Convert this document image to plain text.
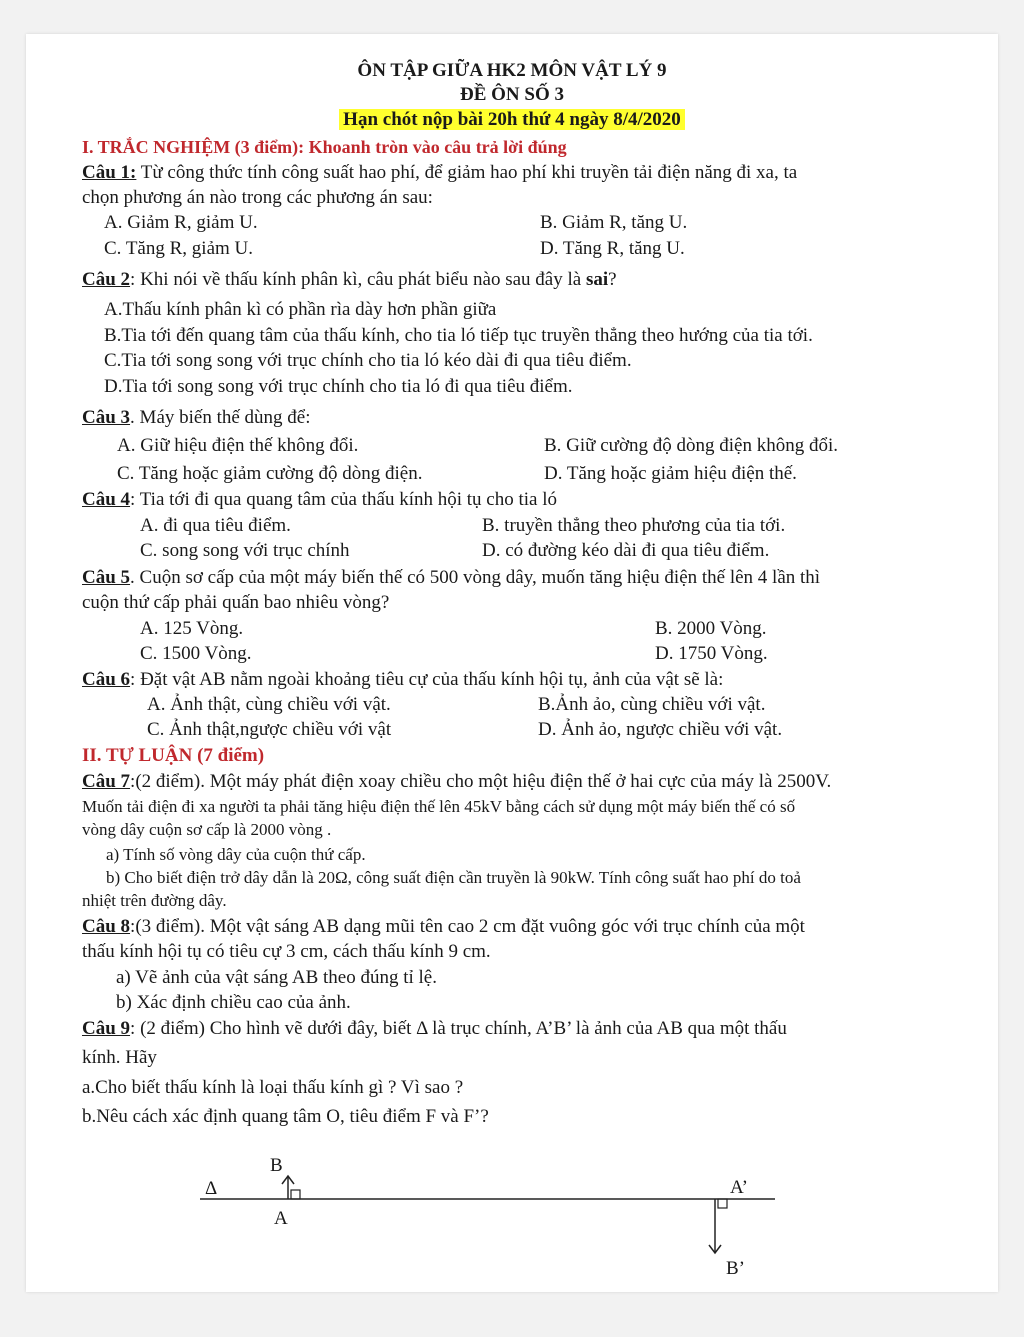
ÔN TẬP GIỮA HK2 MÔN VẬT LÝ 9
ĐỀ ÔN SỐ 3
Hạn chót nộp bài 20h thứ 4 ngày 8/4/2020
I. TRẮC NGHIỆM (3 điểm): Khoanh tròn vào câu trả lời đúng
Câu 1: Từ công thức tính công suất hao phí, để giảm hao phí khi truyền tải điện năng đi xa, ta
chọn phương án nào trong các phương án sau:
A. Giảm R, giảm U.	B. Giảm R, tăng U.
C. Tăng R, giảm U.	D. Tăng R, tăng U.
Câu 2: Khi nói về thấu kính phân kì, câu phát biểu nào sau đây là sai?
A.Thấu kính phân kì có phần rìa dày hơn phần giữa
B.Tia tới đến quang tâm của thấu kính, cho tia ló tiếp tục truyền thẳng theo hướng của tia tới.
C.Tia tới song song với trục chính cho tia ló kéo dài đi qua tiêu điểm.
D.Tia tới song song với trục chính cho tia ló đi qua tiêu điểm.
Câu 3. Máy biến thế dùng để:
A. Giữ hiệu điện thế không đổi.	B. Giữ cường độ dòng điện không đổi.
C. Tăng hoặc giảm cường độ dòng điện.	D. Tăng hoặc giảm hiệu điện thế.
Câu 4: Tia tới đi qua quang tâm của thấu kính hội tụ cho tia ló
A. đi qua tiêu điểm.	B. truyền thẳng theo phương của tia tới.
C. song song với trục chính	D. có đường kéo dài đi qua tiêu điểm.
Câu 5. Cuộn sơ cấp của một máy biến thế có 500 vòng dây, muốn tăng hiệu điện thế lên 4 lần thì
cuộn thứ cấp phải quấn bao nhiêu vòng?
A. 125 Vòng.	B. 2000 Vòng.
C. 1500 Vòng.	D. 1750 Vòng.
Câu 6: Đặt vật AB nằm ngoài khoảng tiêu cự của thấu kính hội tụ, ảnh của vật sẽ là:
A. Ảnh thật, cùng chiều với vật.	B.Ảnh ảo, cùng chiều với vật.
C. Ảnh thật,ngược chiều với vật	D. Ảnh ảo, ngược chiều với vật.
II. TỰ LUẬN (7 điểm)
Câu 7:(2 điểm). Một máy phát điện xoay chiều cho một hiệu điện thế ở hai cực của máy là 2500V.
Muốn tải điện đi xa người ta phải tăng hiệu điện thế lên 45kV bằng cách sử dụng một máy biến thế có số
vòng dây cuộn sơ cấp là 2000 vòng .
a) Tính số vòng dây của cuộn thứ cấp.
b) Cho biết điện trở dây dẫn là 20Ω, công suất điện cần truyền là 90kW. Tính công suất hao phí do toả
nhiệt trên đường dây.
Câu 8:(3 điểm). Một vật sáng AB dạng mũi tên cao 2 cm đặt vuông góc với trục chính của một
thấu kính hội tụ có tiêu cự 3 cm, cách thấu kính 9 cm.
a) Vẽ ảnh của vật sáng AB theo đúng tỉ lệ.
b) Xác định chiều cao của ảnh.
Câu 9: (2 điểm) Cho hình vẽ dưới đây, biết Δ là trục chính, A’B’ là ảnh của AB qua một thấu
kính. Hãy
a.Cho biết thấu kính là loại thấu kính gì ? Vì sao ?
b.Nêu cách xác định quang tâm O, tiêu điểm F và F’?
Δ
B
A
A’
B’
